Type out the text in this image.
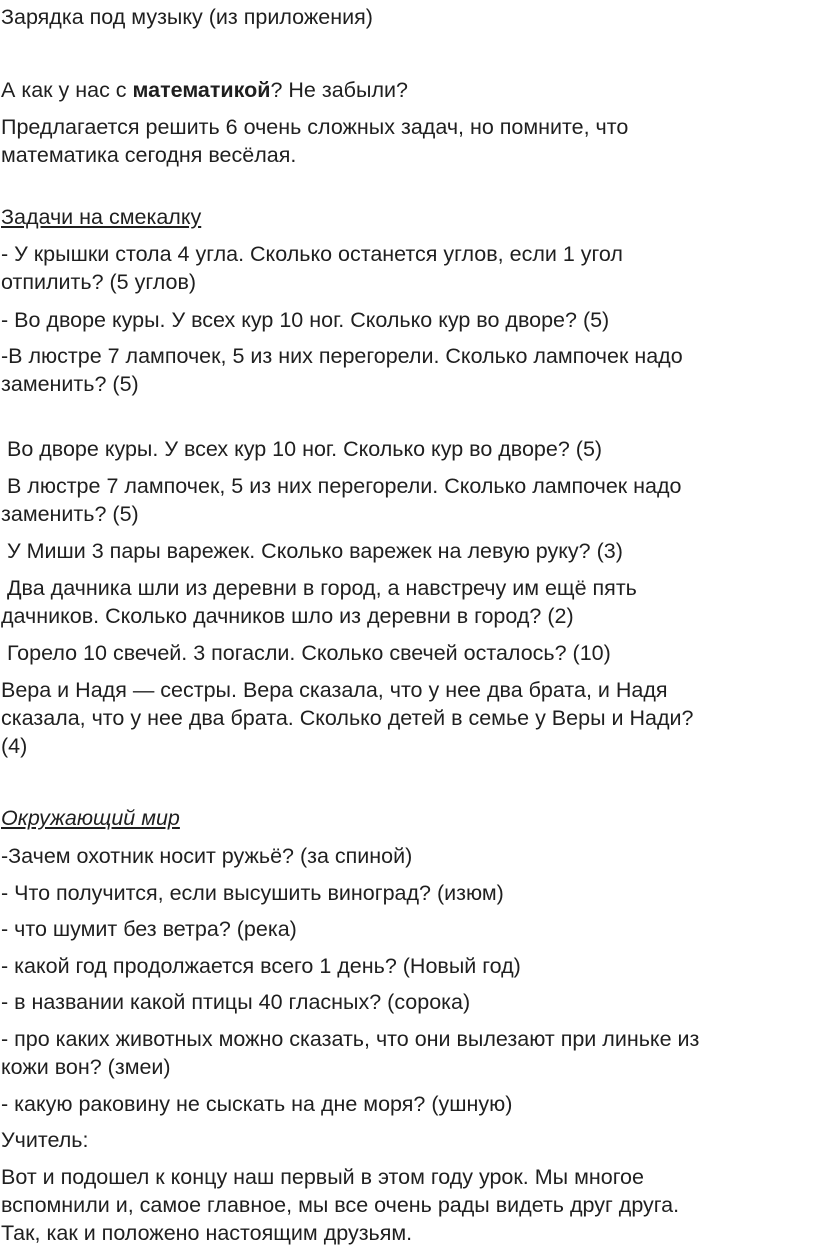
Зарядка под музыку (из приложения)
А как у нас с математикой? Не забыли?
Предлагается решить 6 очень сложных задач, но помните, что
математика сегодня весёлая.
Задачи на смекалку
- У крышки стола 4 угла. Сколько останется углов, если 1 угол
отпилить? (5 углов)
- Во дворе куры. У всех кур 10 ног. Сколько кур во дворе? (5)
-В люстре 7 лампочек, 5 из них перегорели. Сколько лампочек надо
заменить? (5)
Во дворе куры. У всех кур 10 ног. Сколько кур во дворе? (5)
В люстре 7 лампочек, 5 из них перегорели. Сколько лампочек надо
заменить? (5)
У Миши 3 пары варежек. Сколько варежек на левую руку? (3)
Два дачника шли из деревни в город, а навстречу им ещё пять
дачников. Сколько дачников шло из деревни в город? (2)
Горело 10 свечей. 3 погасли. Сколько свечей осталось? (10)
Вера и Надя — сестры. Вера сказала, что у нее два брата, и Надя
сказала, что у нее два брата. Сколько детей в семье у Веры и Нади?
(4)
Окружающий мир
-Зачем охотник носит ружьё? (за спиной)
- Что получится, если высушить виноград? (изюм)
- что шумит без ветра? (река)
- какой год продолжается всего 1 день? (Новый год)
- в названии какой птицы 40 гласных? (сорока)
- про каких животных можно сказать, что они вылезают при линьке из
кожи вон? (змеи)
- какую раковину не сыскать на дне моря? (ушную)
Учитель:
Вот и подошел к концу наш первый в этом году урок. Мы многое
вспомнили и, самое главное, мы все очень рады видеть друг друга.
Так, как и положено настоящим друзьям.
